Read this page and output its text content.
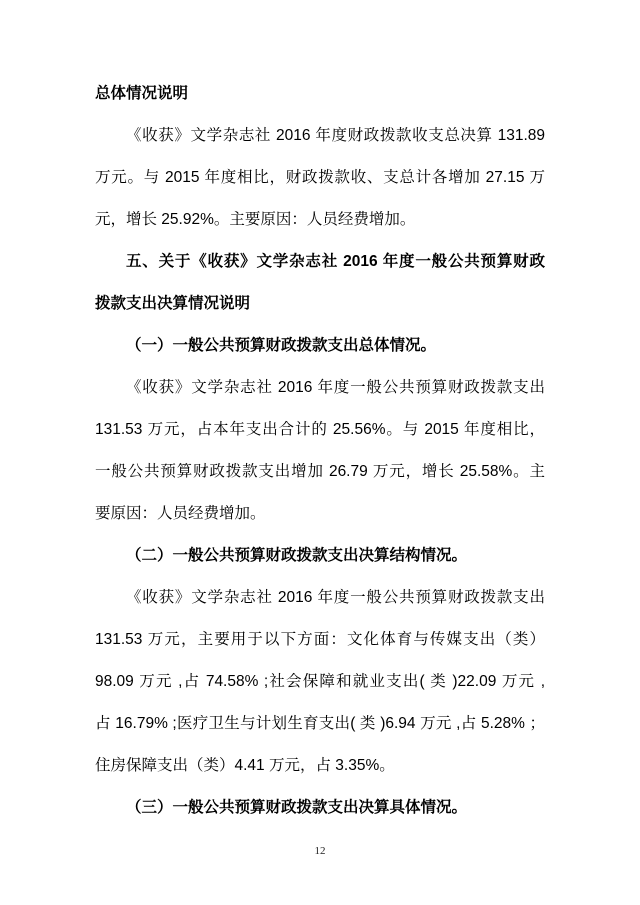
总体情况说明
《收获》文学杂志社 2016 年度财政拨款收支总决算 131.89
万元。与 2015 年度相比，财政拨款收、支总计各增加 27.15 万
元，增长 25.92%。主要原因：人员经费增加。
五、关于《收获》文学杂志社 2016 年度一般公共预算财政
拨款支出决算情况说明
（一）一般公共预算财政拨款支出总体情况。
《收获》文学杂志社 2016 年度一般公共预算财政拨款支出
131.53 万元，占本年支出合计的 25.56%。与 2015 年度相比，
一般公共预算财政拨款支出增加 26.79 万元，增长 25.58%。主
要原因：人员经费增加。
（二）一般公共预算财政拨款支出决算结构情况。
《收获》文学杂志社 2016 年度一般公共预算财政拨款支出
131.53 万元，主要用于以下方面：文化体育与传媒支出（类）
98.09 万元 ,占 74.58% ;社会保障和就业支出( 类 )22.09 万元 ,
占 16.79% ;医疗卫生与计划生育支出( 类 )6.94 万元 ,占 5.28% ；
住房保障支出（类）4.41 万元，占 3.35%。
（三）一般公共预算财政拨款支出决算具体情况。
12
